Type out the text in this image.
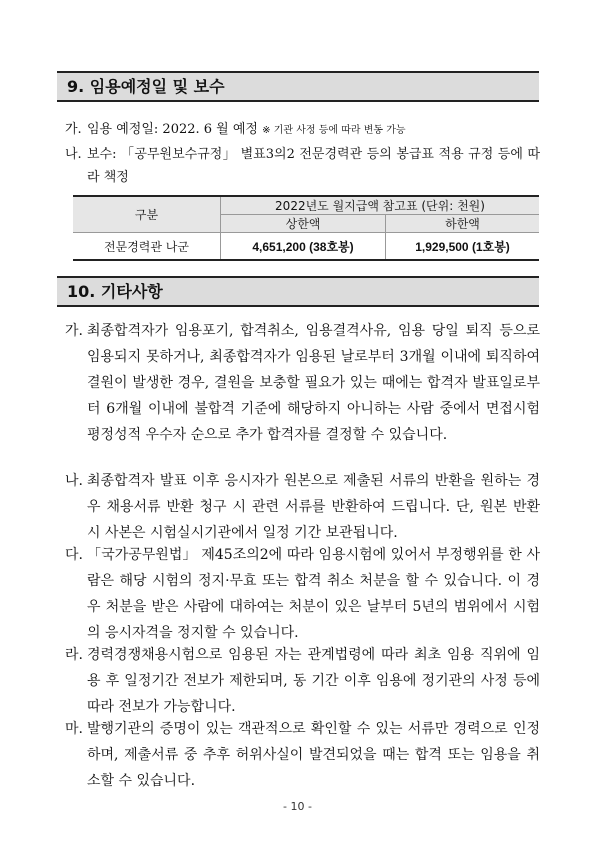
9. 임용예정일 및 보수
가. 임용 예정일: 2022. 6 월 예정 ※ 기관 사정 등에 따라 변동 가능
나. 보수: 「공무원보수규정」 별표3의2 전문경력관 등의 봉급표 적용 규정 등에 따라 책정
구분	2022년도 월지급액 참고표 (단위: 천원)	
	상한액	하한액
전문경력관 나군	4,651,200 (38호봉)	1,929,500 (1호봉)
10. 기타사항
가. 최종합격자가 임용포기, 합격취소, 임용결격사유, 임용 당일 퇴직 등으로 임용되지 못하거나, 최종합격자가 임용된 날로부터 3개월 이내에 퇴직하여 결원이 발생한 경우, 결원을 보충할 필요가 있는 때에는 합격자 발표일로부터 6개월 이내에 불합격 기준에 해당하지 아니하는 사람 중에서 면접시험 평정성적 우수자 순으로 추가 합격자를 결정할 수 있습니다.
나. 최종합격자 발표 이후 응시자가 원본으로 제출된 서류의 반환을 원하는 경우 채용서류 반환 청구 시 관련 서류를 반환하여 드립니다. 단, 원본 반환 시 사본은 시험실시기관에서 일정 기간 보관됩니다.
다. 「국가공무원법」 제45조의2에 따라 임용시험에 있어서 부정행위를 한 사람은 해당 시험의 정지·무효 또는 합격 취소 처분을 할 수 있습니다. 이 경우 처분을 받은 사람에 대하여는 처분이 있은 날부터 5년의 범위에서 시험의 응시자격을 정지할 수 있습니다.
라. 경력경쟁채용시험으로 임용된 자는 관계법령에 따라 최초 임용 직위에 임용 후 일정기간 전보가 제한되며, 동 기간 이후 임용에 정기관의 사정 등에 따라 전보가 가능합니다.
마. 발행기관의 증명이 있는 객관적으로 확인할 수 있는 서류만 경력으로 인정하며, 제출서류 중 추후 허위사실이 발견되었을 때는 합격 또는 임용을 취소할 수 있습니다.
- 10 -
